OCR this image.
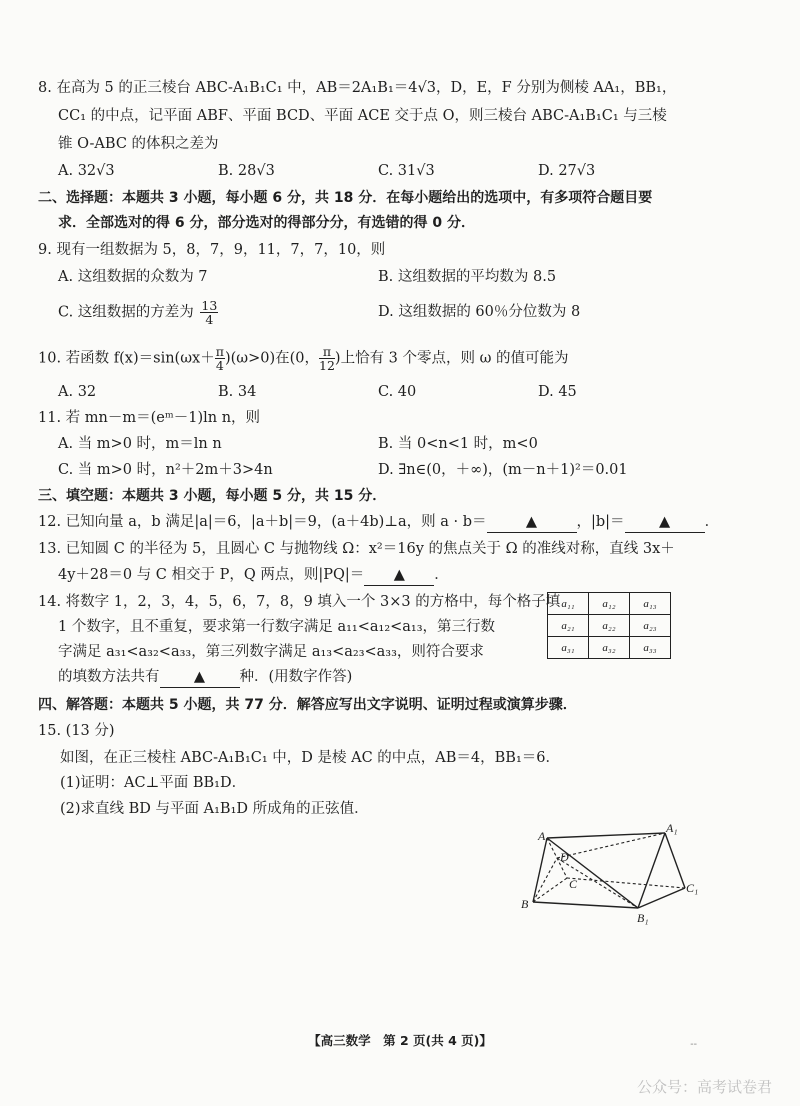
8. 在高为 5 的正三棱台 ABC-A₁B₁C₁ 中，AB＝2A₁B₁＝4√3，D，E，F 分别为侧棱 AA₁，BB₁，
CC₁ 的中点，记平面 ABF、平面 BCD、平面 ACE 交于点 O，则三棱台 ABC-A₁B₁C₁ 与三棱
锥 O-ABC 的体积之差为
A. 32√3	B. 28√3	C. 31√3	D. 27√3
二、选择题：本题共 3 小题，每小题 6 分，共 18 分．在每小题给出的选项中，有多项符合题目要
求．全部选对的得 6 分，部分选对的得部分分，有选错的得 0 分．
9. 现有一组数据为 5，8，7，9，11，7，7，10，则
A. 这组数据的众数为 7	B. 这组数据的平均数为 8.5
C. 这组数据的方差为 $\frac{13}{4}$	D. 这组数据的 60％分位数为 8
10. 若函数 $f(x)=\sin(\omega x+ \frac{\pi}{4} )(\omega>0)$在(0， $\frac{\pi}{12}$ )上恰有 3 个零点，则 ω 的值可能为
A. 32	B. 34	C. 40	D. 45
11. 若 mn－m＝(eᵐ－1)ln n，则
A. 当 m>0 时，m＝ln n	B. 当 0<n<1 时，m<0
C. 当 m>0 时，n²＋2m＋3>4n	D. ∃n∈(0，＋∞)，(m－n＋1)²＝0.01
三、填空题：本题共 3 小题，每小题 5 分，共 15 分．
12. 已知向量 a，b 满足|a|＝6，|a＋b|＝9，(a＋4b)⊥a，则 a · b＝	▲	，|b|＝ ▲ ．
13. 已知圆 C 的半径为 5，且圆心 C 与抛物线 Ω：x²＝16y 的焦点关于 Ω 的准线对称，直线 3x＋
4y＋28＝0 与 C 相交于 P，Q 两点，则|PQ|＝ ▲ ．
14. 将数字 1，2，3，4，5，6，7，8，9 填入一个 3×3 的方格中，每个格子填
1 个数字，且不重复，要求第一行数字满足 a₁₁<a₁₂<a₁₃，第三行数
字满足 a₃₁<a₃₂<a₃₃，第三列数字满足 a₁₃<a₂₃<a₃₃，则符合要求
的填数方法共有 ▲ 种．(用数字作答)
a₁₁	a₁₂	a₁₃
a₂₁	a₂₂	a₂₃
a₃₁	a₃₂	a₃₃
四、解答题：本题共 5 小题，共 77 分．解答应写出文字说明、证明过程或演算步骤．
15. (13 分)
如图，在正三棱柱 ABC-A₁B₁C₁ 中，D 是棱 AC 的中点，AB＝4，BB₁＝6．
(1)证明：AC⊥平面 BB₁D．
(2)求直线 BD 与平面 A₁B₁D 所成角的正弦值．
A
A₁
D
C	C₁
B
B₁
【高三数学　第 2 页(共 4 页)】	--
公众号：高考试卷君
